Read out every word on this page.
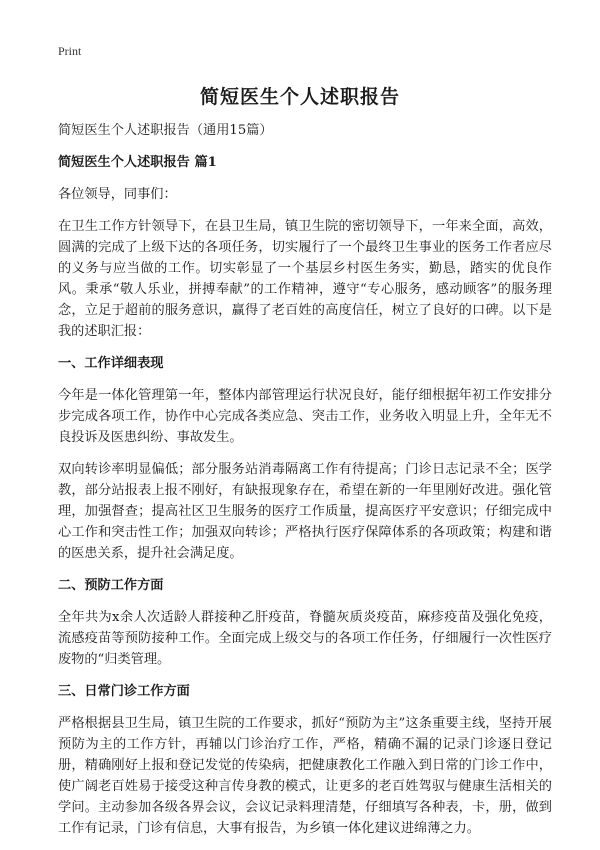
Print
简短医生个人述职报告

简短医生个人述职报告（通用15篇）

简短医生个人述职报告 篇1

各位领导，同事们：

在卫生工作方针领导下，在县卫生局，镇卫生院的密切领导下，一年来全面，高效，圆满的完成了上级下达的各项任务，切实履行了一个最终卫生事业的医务工作者应尽的义务与应当做的工作。切实彰显了一个基层乡村医生务实，勤恳，踏实的优良作风。秉承“敬人乐业，拼搏奉献”的工作精神，遵守“专心服务，感动顾客”的服务理念，立足于超前的服务意识，赢得了老百姓的高度信任，树立了良好的口碑。以下是我的述职汇报：

一、工作详细表现

今年是一体化管理第一年，整体内部管理运行状况良好，能仔细根据年初工作安排分步完成各项工作，协作中心完成各类应急、突击工作，业务收入明显上升，全年无不良投诉及医患纠纷、事故发生。

双向转诊率明显偏低；部分服务站消毒隔离工作有待提高；门诊日志记录不全；医学教，部分站报表上报不刚好，有缺报现象存在，希望在新的一年里刚好改进。强化管理，加强督查；提高社区卫生服务的医疗工作质量，提高医疗平安意识；仔细完成中心工作和突击性工作；加强双向转诊；严格执行医疗保障体系的各项政策；构建和谐的医患关系，提升社会满足度。

二、预防工作方面

全年共为x余人次适龄人群接种乙肝疫苗，脊髓灰质炎疫苗，麻疹疫苗及强化免疫，流感疫苗等预防接种工作。全面完成上级交与的各项工作任务，仔细履行一次性医疗废物的“归类管理。

三、日常门诊工作方面

严格根据县卫生局，镇卫生院的工作要求，抓好“预防为主”这条重要主线，坚持开展预防为主的工作方针，再辅以门诊治疗工作，严格，精确不漏的记录门诊逐日登记册，精确刚好上报和登记发觉的传染病，把健康教化工作融入到日常的门诊工作中，使广阔老百姓易于接受这种言传身教的模式，让更多的老百姓驾驭与健康生活相关的学问。主动参加各级各界会议，会议记录料理清楚，仔细填写各种表，卡，册，做到工作有记录，门诊有信息，大事有报告，为乡镇一体化建议进绵薄之力。
